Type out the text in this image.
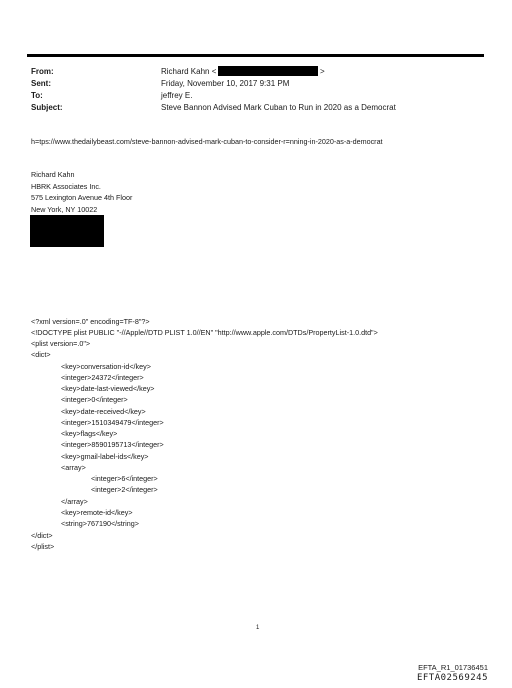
From:	Richard Kahn <	>
Sent:	Friday, November 10, 2017 9:31 PM
To:	jeffrey E.
Subject:	Steve Bannon Advised Mark Cuban to Run in 2020 as a Democrat
h=tps://www.thedailybeast.com/steve-bannon-advised-mark-cuban-to-consider-r=nning-in-2020-as-a-democrat
Richard Kahn
HBRK Associates Inc.
575 Lexington Avenue 4th Floor
New York, NY 10022
<?xml version=.0" encoding=TF-8"?>
<!DOCTYPE plist PUBLIC "-//Apple//DTD PLIST 1.0//EN" "http://www.apple.com/DTDs/PropertyList-1.0.dtd">
<plist version=.0">
<dict>
<key>conversation-id</key>
<integer>24372</integer>
<key>date-last-viewed</key>
<integer>0</integer>
<key>date-received</key>
<integer>1510349479</integer>
<key>flags</key>
<integer>8590195713</integer>
<key>gmail-label-ids</key>
<array>
<integer>6</integer>
<integer>2</integer>
</array>
<key>remote-id</key>
<string>767190</string>
</dict>
</plist>
1
EFTA_R1_01736451
EFTA02569245
